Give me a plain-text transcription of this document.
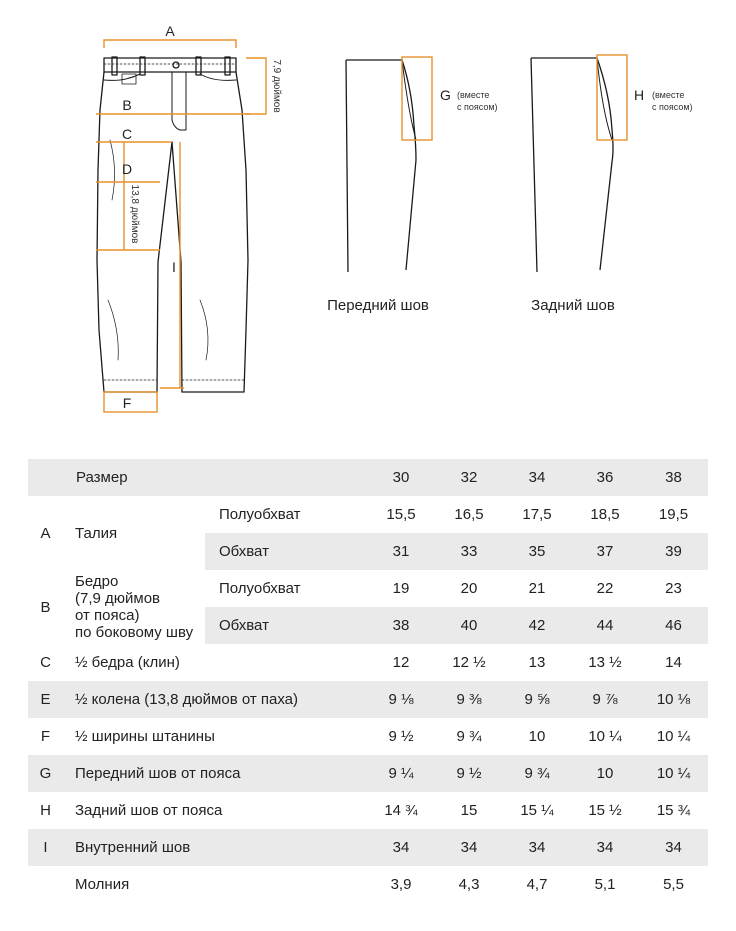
A
7,9 дюймов
B
C
D
13,8 дюймов
I
F
G (вместе
с поясом)
Передний шов
H (вместе
с поясом)
Задний шов
Размер			30	32	34	36	38
A	Талия	Полуобхват	15,5	16,5	17,5	18,5	19,5
		Обхват	31	33	35	37	39
B	Бедро
(7,9 дюймов
от пояса)
по боковому шву	Полуобхват	19	20	21	22	23
		Обхват	38	40	42	44	46
C	½ бедра (клин)		12	12 ½	13	13 ½	14
E	½ колена (13,8 дюймов от паха)		9 ⅛	9 ⅜	9 ⅝	9 ⅞	10 ⅛
F	½ ширины штанины		9 ½	9 ¾	10	10 ¼	10 ¼
G	Передний шов от пояса		9 ¼	9 ½	9 ¾	10	10 ¼
H	Задний шов от пояса		14 ¾	15	15 ¼	15 ½	15 ¾
I	Внутренний шов		34	34	34	34	34
	Молния		3,9	4,3	4,7	5,1	5,5
